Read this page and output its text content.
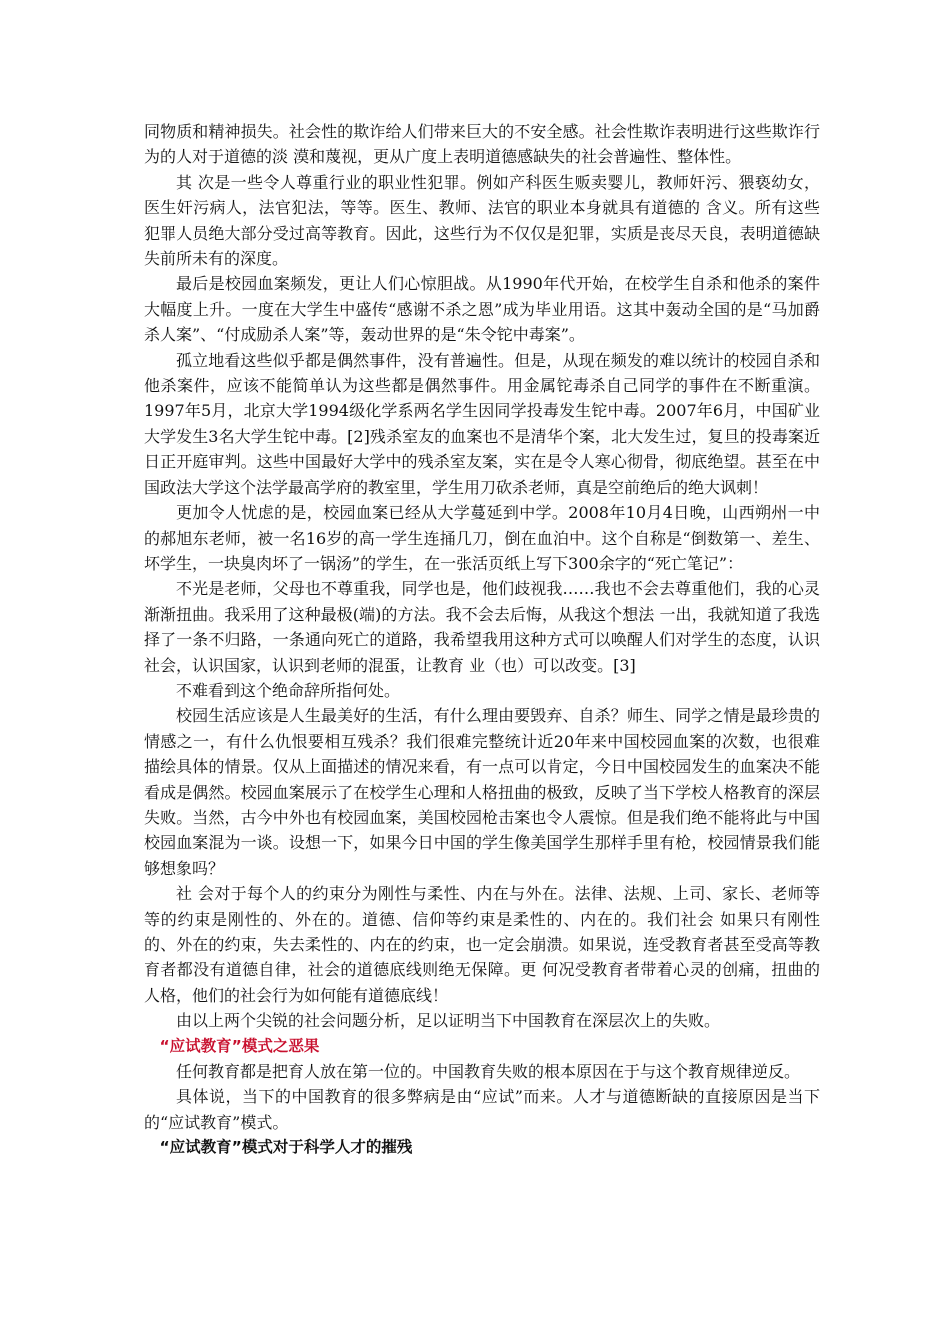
同物质和精神损失。社会性的欺诈给人们带来巨大的不安全感。社会性欺诈表明进行这些欺诈行为的人对于道德的淡 漠和蔑视，更从广度上表明道德感缺失的社会普遍性、整体性。

其 次是一些令人尊重行业的职业性犯罪。例如产科医生贩卖婴儿，教师奸污、猥亵幼女，医生奸污病人，法官犯法，等等。医生、教师、法官的职业本身就具有道德的 含义。所有这些犯罪人员绝大部分受过高等教育。因此，这些行为不仅仅是犯罪，实质是丧尽天良，表明道德缺失前所未有的深度。

最后是校园血案频发，更让人们心惊胆战。从1990年代开始，在校学生自杀和他杀的案件大幅度上升。一度在大学生中盛传“感谢不杀之恩”成为毕业用语。这其中轰动全国的是“马加爵杀人案”、“付成励杀人案”等，轰动世界的是“朱令铊中毒案”。

孤立地看这些似乎都是偶然事件，没有普遍性。但是，从现在频发的难以统计的校园自杀和他杀案件，应该不能简单认为这些都是偶然事件。用金属铊毒杀自己同学的事件在不断重演。1997年5月，北京大学1994级化学系两名学生因同学投毒发生铊中毒。2007年6月，中国矿业大学发生3名大学生铊中毒。[2]残杀室友的血案也不是清华个案，北大发生过，复旦的投毒案近日正开庭审判。这些中国最好大学中的残杀室友案，实在是令人寒心彻骨，彻底绝望。甚至在中国政法大学这个法学最高学府的教室里，学生用刀砍杀老师，真是空前绝后的绝大讽刺！

更加令人忧虑的是，校园血案已经从大学蔓延到中学。2008年10月4日晚，山西朔州一中的郝旭东老师，被一名16岁的高一学生连捅几刀，倒在血泊中。这个自称是“倒数第一、差生、坏学生，一块臭肉坏了一锅汤”的学生，在一张活页纸上写下300余字的“死亡笔记”：

不光是老师，父母也不尊重我，同学也是，他们歧视我……我也不会去尊重他们，我的心灵渐渐扭曲。我采用了这种最极(端)的方法。我不会去后悔，从我这个想法 一出，我就知道了我选择了一条不归路，一条通向死亡的道路，我希望我用这种方式可以唤醒人们对学生的态度，认识社会，认识国家，认识到老师的混蛋，让教育 业（也）可以改变。[3]

不难看到这个绝命辞所指何处。

校园生活应该是人生最美好的生活，有什么理由要毁弃、自杀？师生、同学之情是最珍贵的情感之一，有什么仇恨要相互残杀？我们很难完整统计近20年来中国校园血案的次数，也很难描绘具体的情景。仅从上面描述的情况来看，有一点可以肯定，今日中国校园发生的血案决不能看成是偶然。校园血案展示了在校学生心理和人格扭曲的极致，反映了当下学校人格教育的深层失败。当然，古今中外也有校园血案，美国校园枪击案也令人震惊。但是我们绝不能将此与中国校园血案混为一谈。设想一下，如果今日中国的学生像美国学生那样手里有枪，校园情景我们能够想象吗？

社 会对于每个人的约束分为刚性与柔性、内在与外在。法律、法规、上司、家长、老师等等的约束是刚性的、外在的。道德、信仰等约束是柔性的、内在的。我们社会 如果只有刚性的、外在的约束，失去柔性的、内在的约束，也一定会崩溃。如果说，连受教育者甚至受高等教育者都没有道德自律，社会的道德底线则绝无保障。更 何况受教育者带着心灵的创痛，扭曲的人格，他们的社会行为如何能有道德底线！

由以上两个尖锐的社会问题分析，足以证明当下中国教育在深层次上的失败。

“应试教育”模式之恶果

任何教育都是把育人放在第一位的。中国教育失败的根本原因在于与这个教育规律逆反。

具体说，当下的中国教育的很多弊病是由“应试”而来。人才与道德断缺的直接原因是当下的“应试教育”模式。

“应试教育”模式对于科学人才的摧残
